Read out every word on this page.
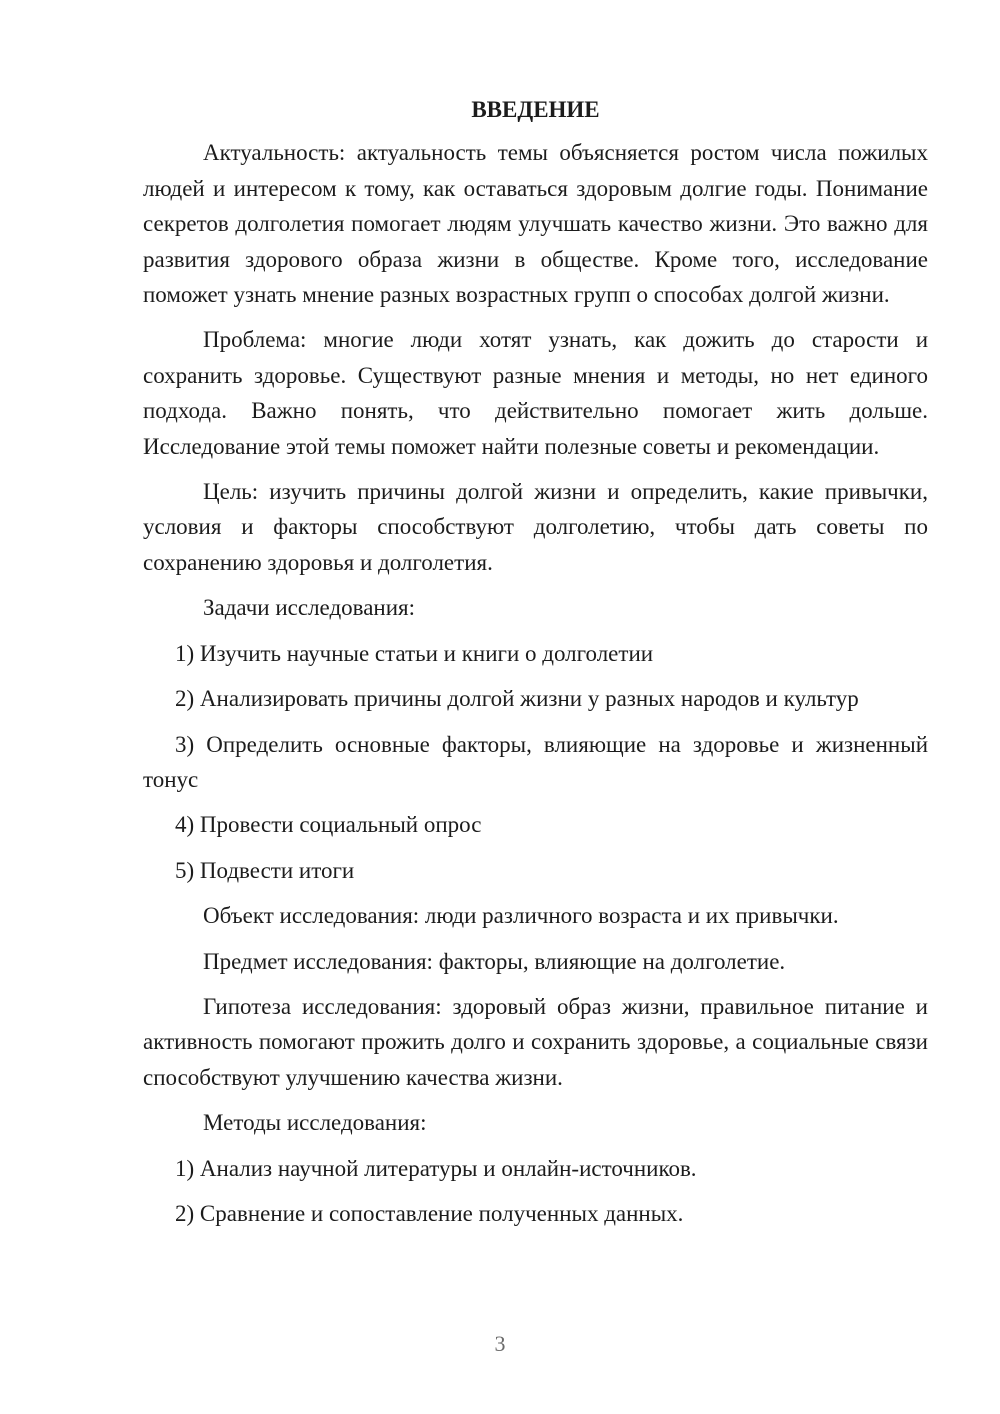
ВВЕДЕНИЕ
Актуальность: актуальность темы объясняется ростом числа пожилых людей и интересом к тому, как оставаться здоровым долгие годы. Понимание секретов долголетия помогает людям улучшать качество жизни. Это важно для развития здорового образа жизни в обществе. Кроме того, исследование поможет узнать мнение разных возрастных групп о способах долгой жизни.
Проблема: многие люди хотят узнать, как дожить до старости и сохранить здоровье. Существуют разные мнения и методы, но нет единого подхода. Важно понять, что действительно помогает жить дольше. Исследование этой темы поможет найти полезные советы и рекомендации.
Цель: изучить причины долгой жизни и определить, какие привычки, условия и факторы способствуют долголетию, чтобы дать советы по сохранению здоровья и долголетия.
Задачи исследования:
1) Изучить научные статьи и книги о долголетии
2) Анализировать причины долгой жизни у разных народов и культур
3) Определить основные факторы, влияющие на здоровье и жизненный тонус
4) Провести социальный опрос
5) Подвести итоги
Объект исследования: люди различного возраста и их привычки.
Предмет исследования: факторы, влияющие на долголетие.
Гипотеза исследования: здоровый образ жизни, правильное питание и активность помогают прожить долго и сохранить здоровье, а социальные связи способствуют улучшению качества жизни.
Методы исследования:
1) Анализ научной литературы и онлайн-источников.
2) Сравнение и сопоставление полученных данных.
3
